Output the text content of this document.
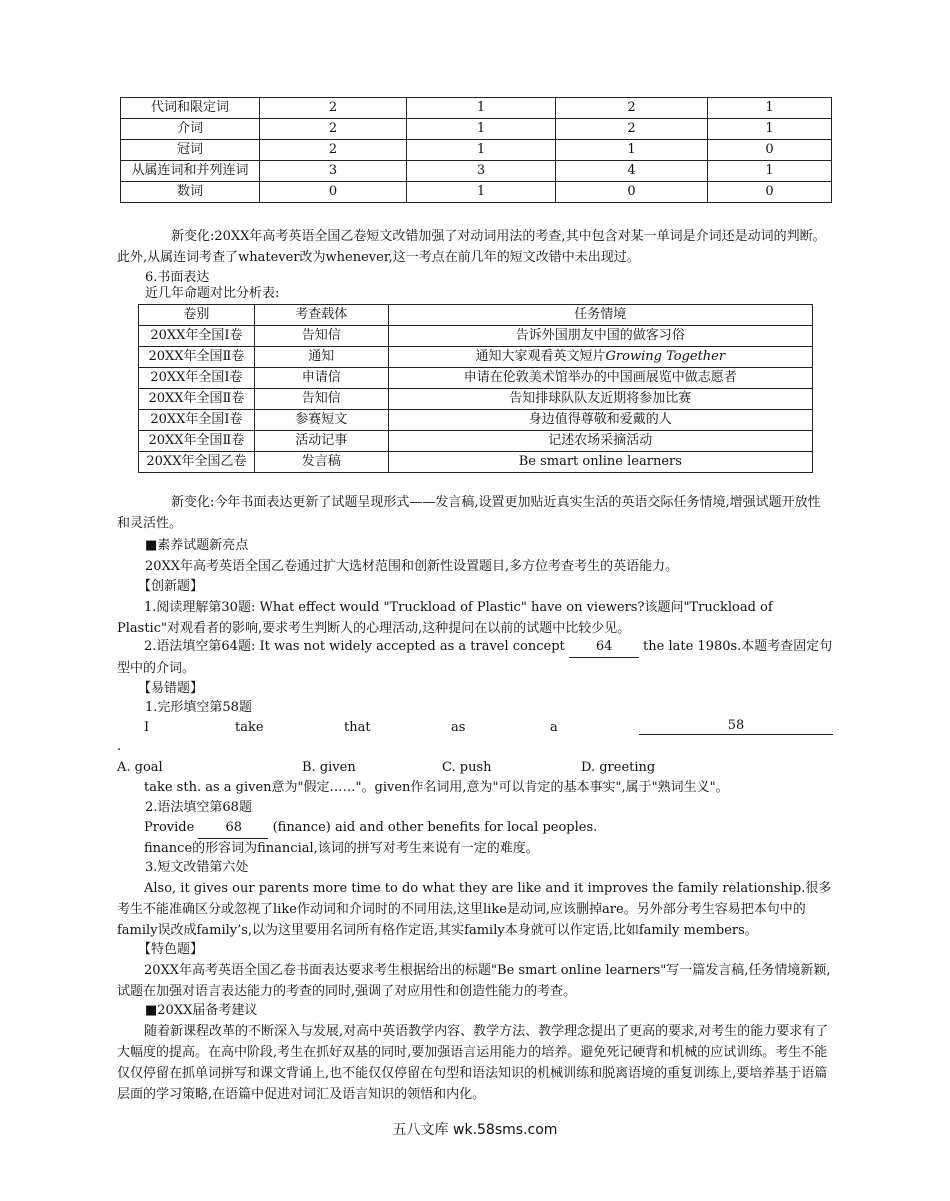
代词和限定词	2	1	2	1
介词	2	1	2	1
冠词	2	1	1	0
从属连词和并列连词	3	3	4	1
数词	0	1	0	0

新变化:20XX年高考英语全国乙卷短文改错加强了对动词用法的考查,其中包含对某一单词是介词还是动词的判断。此外,从属连词考查了whatever改为whenever,这一考点在前几年的短文改错中未出现过。

6.书面表达

近几年命题对比分析表:

卷别	考查载体	任务情境
20XX年全国Ⅰ卷	告知信	告诉外国朋友中国的做客习俗
20XX年全国Ⅱ卷	通知	通知大家观看英文短片Growing Together
20XX年全国Ⅰ卷	申请信	申请在伦敦美术馆举办的中国画展览中做志愿者
20XX年全国Ⅱ卷	告知信	告知排球队队友近期将参加比赛
20XX年全国Ⅰ卷	参赛短文	身边值得尊敬和爱戴的人
20XX年全国Ⅱ卷	活动记事	记述农场采摘活动
20XX年全国乙卷	发言稿	Be smart online learners

新变化:今年书面表达更新了试题呈现形式——发言稿,设置更加贴近真实生活的英语交际任务情境,增强试题开放性和灵活性。

■素养试题新亮点

20XX年高考英语全国乙卷通过扩大选材范围和创新性设置题目,多方位考查考生的英语能力。

【创新题】

1.阅读理解第30题: What effect would "Truckload of Plastic" have on viewers?该题问"Truckload of Plastic"对观看者的影响,要求考生判断人的心理活动,这种提问在以前的试题中比较少见。

2.语法填空第64题: It was not widely accepted as a travel concept 64 the late 1980s.本题考查固定句型中的介词。

【易错题】

1.完形填空第58题

I	take	that	as	a	58

.

A. goal	B. given	C. push	D. greeting

take sth. as a given意为"假定……"。given作名词用,意为"可以肯定的基本事实",属于"熟词生义"。

2.语法填空第68题

Provide 68 (finance) aid and other benefits for local peoples.

finance的形容词为financial,该词的拼写对考生来说有一定的难度。

3.短文改错第六处

Also, it gives our parents more time to do what they are like and it improves the family relationship.很多考生不能准确区分或忽视了like作动词和介词时的不同用法,这里like是动词,应该删掉are。另外部分考生容易把本句中的family误改成family’s,以为这里要用名词所有格作定语,其实family本身就可以作定语,比如family members。

【特色题】

20XX年高考英语全国乙卷书面表达要求考生根据给出的标题"Be smart online learners"写一篇发言稿,任务情境新颖,试题在加强对语言表达能力的考查的同时,强调了对应用性和创造性能力的考查。

■20XX届备考建议

随着新课程改革的不断深入与发展,对高中英语教学内容、教学方法、教学理念提出了更高的要求,对考生的能力要求有了大幅度的提高。在高中阶段,考生在抓好双基的同时,要加强语言运用能力的培养。避免死记硬背和机械的应试训练。考生不能仅仅停留在抓单词拼写和课文背诵上,也不能仅仅停留在句型和语法知识的机械训练和脱离语境的重复训练上,要培养基于语篇层面的学习策略,在语篇中促进对词汇及语言知识的领悟和内化。

五八文库 wk.58sms.com
